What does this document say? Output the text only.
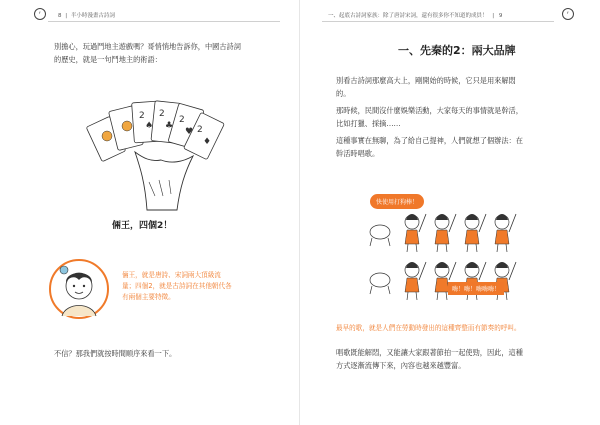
ᶠ	8 | 半小時漫畫古詩詞
別擔心，玩過鬥地主遊戲嗎？哥悄悄地告訴你，中國古詩詞
的歷史，就是一句鬥地主的術語：
2 2
2
2
♠ ♣
♥
♦
倆王，四個2！
倆王，就是唐詩、宋詞兩大頂級流
量；四個2，就是古詩詞在其他朝代各
有兩個主要特徵。
不信？那我們就按時間順序來看一下。
一、起底古詩詞家族：除了唐詩宋詞，還有很多你不知道的成員！ | 9	ᶠ
一、先秦的2：兩大品牌
別看古詩詞那麼高大上，剛開始的時候，它只是用來解悶
的。
那時候，民間沒什麼娛樂活動，大家每天的事情就是幹活，
比如打獵、採摘……
這種事實在無聊，為了給自己提神，人們就想了個辦法：在
幹活時唱歌。
快使用打狗棒！
嗨！嗨！嗨嗨嗨！
最早的歌，就是人們在勞動時發出的這種齊整而有節奏的呼叫。
唱歌既能解悶，又能讓大家跟著節拍一起使勁，因此，這種
方式逐漸流傳下來，內容也越來越豐富。
